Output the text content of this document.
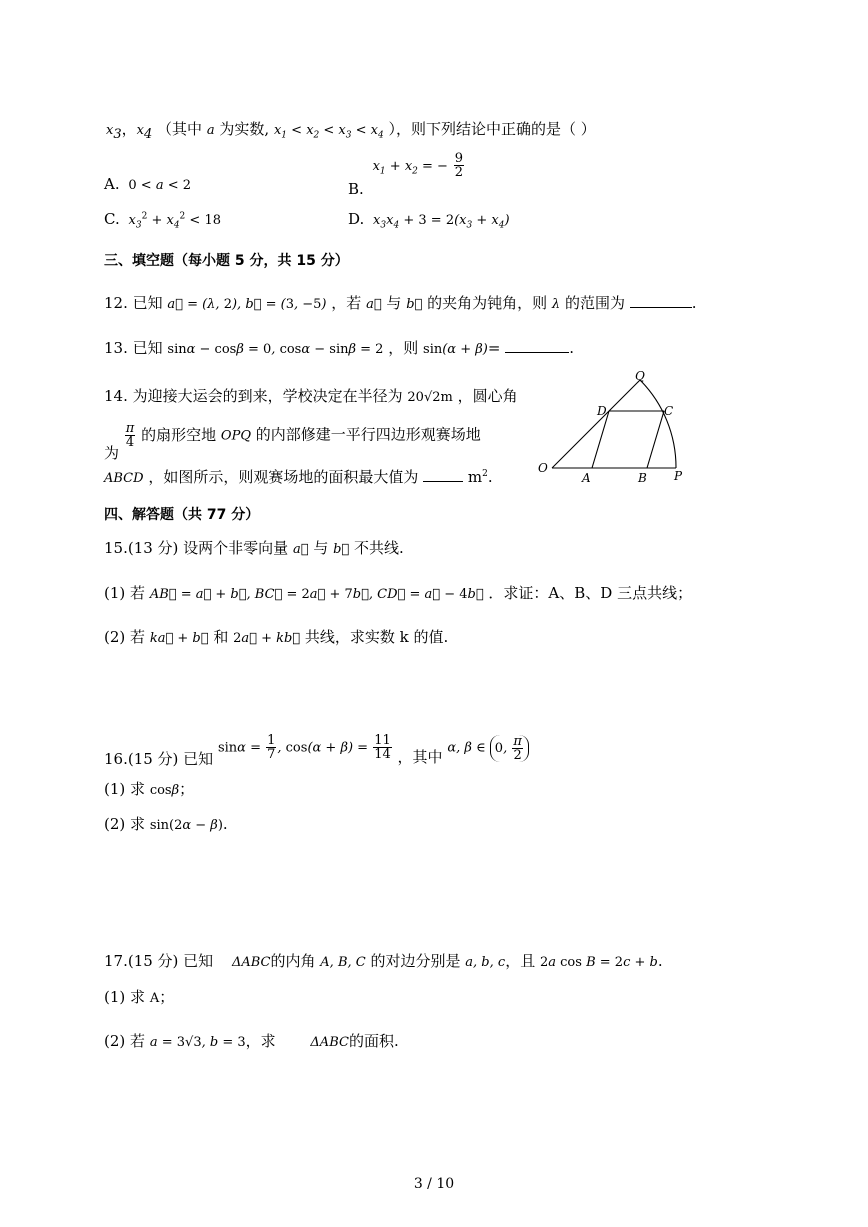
$x_3$，$x_4$ （其中 a 为实数, $x_1 < x_2 < x_3 < x_4$ ），则下列结论中正确的是（ ）
A. 0 < a < 2	B. $x_1 + x_2$ = − $\frac{9}{2}$
C. $x_3^2 + x_4^2 < 18$	D. $x_3x_4 + 3 = 2(x_3 + x_4)$
三、填空题（每小题 5 分，共 15 分）
12. 已知 a⃗ = (λ, 2), b⃗ = (3, −5) ，若 a⃗ 与 b⃗ 的夹角为钝角，则 λ 的范围为	.
13. 已知 sinα − cosβ = 0, cosα − sinβ = 2 ，则 sin(α + β)=	.
14. 为迎接大运会的到来，学校决定在半径为 20√2m ，圆心角
为
$\frac{\pi}{4}$ 的扇形空地 OPQ 的内部修建一平行四边形观赛场地
ABCD ，如图所示，则观赛场地的面积最大值为	$m^2$.	O
A	B P
D	C
Q
四、解答题（共 77 分）
15.(13 分) 设两个非零向量 a⃗ 与 b⃗ 不共线.
(1) 若 AB⃗ = a⃗ + b⃗, BC⃗ = 2a⃗ + 7b⃗, CD⃗ = a⃗ − 4b⃗ ．求证：A、B、D 三点共线；
(2) 若 ka⃗ + b⃗ 和 2a⃗ + kb⃗ 共线，求实数 k 的值.
16.(15 分) 已知 $\sin\alpha = \frac{1}{7}$ , $\cos(\alpha + \beta) = \frac{11}{14}$ ，其中 α, β ∈ 0, $\frac{\pi}{2}$
(1) 求 cosβ；
(2) 求 sin(2α − β).
17.(15 分) 已知 ΔABC的内角 A, B, C 的对边分别是 a, b, c，且 2a cos B = 2c + b.
(1) 求 A；
(2) 若 a = 3√3, b = 3，求	ΔABC的面积.
3 / 10
